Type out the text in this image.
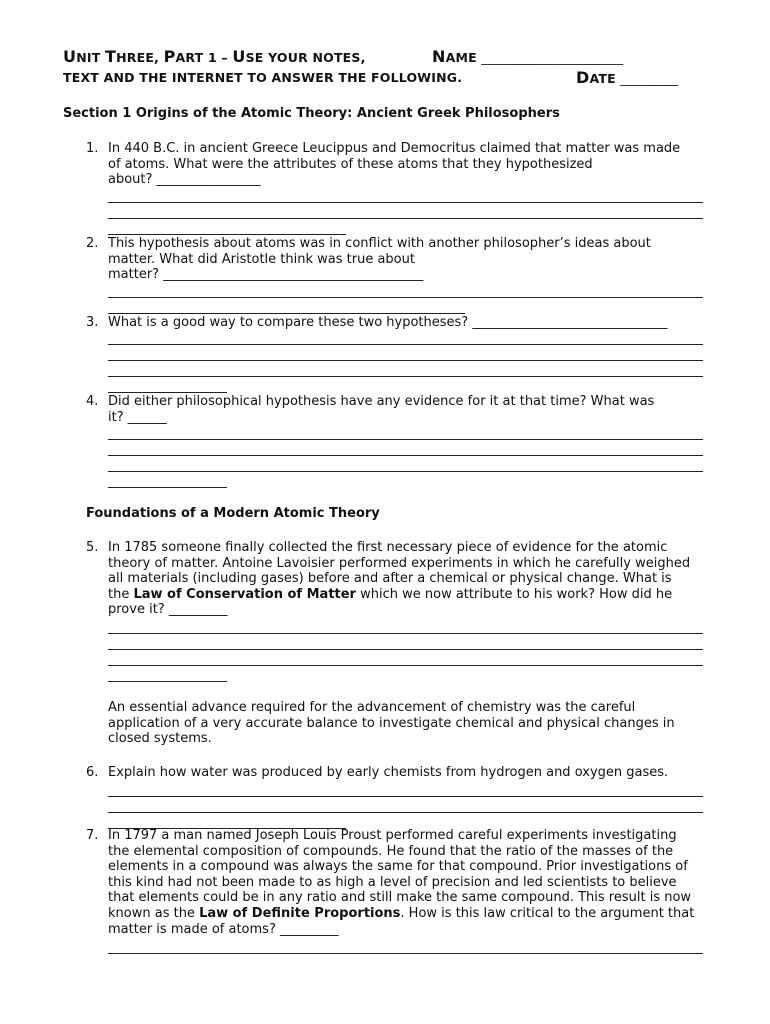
UNIT THREE, PART 1 – USE YOUR NOTES,	NAME ______________________
TEXT AND THE INTERNET TO ANSWER THE FOLLOWING.	DATE _________
Section 1 Origins of the Atomic Theory: Ancient Greek Philosophers
1. In 440 B.C. in ancient Greece Leucippus and Democritus claimed that matter was made
of atoms. What were the attributes of these atoms that they hypothesized
about? ________________
2. This hypothesis about atoms was in conflict with another philosopher’s ideas about
matter. What did Aristotle think was true about
matter? ________________________________________
3. What is a good way to compare these two hypotheses? ______________________________
4. Did either philosophical hypothesis have any evidence for it at that time? What was
it? ______
Foundations of a Modern Atomic Theory
5. In 1785 someone finally collected the first necessary piece of evidence for the atomic
theory of matter. Antoine Lavoisier performed experiments in which he carefully weighed
all materials (including gases) before and after a chemical or physical change. What is
the Law of Conservation of Matter which we now attribute to his work? How did he
prove it? _________
An essential advance required for the advancement of chemistry was the careful
application of a very accurate balance to investigate chemical and physical changes in
closed systems.
6. Explain how water was produced by early chemists from hydrogen and oxygen gases.
7. In 1797 a man named Joseph Louis Proust performed careful experiments investigating
the elemental composition of compounds. He found that the ratio of the masses of the
elements in a compound was always the same for that compound. Prior investigations of
this kind had not been made to as high a level of precision and led scientists to believe
that elements could be in any ratio and still make the same compound. This result is now
known as the Law of Definite Proportions. How is this law critical to the argument that
matter is made of atoms? _________
